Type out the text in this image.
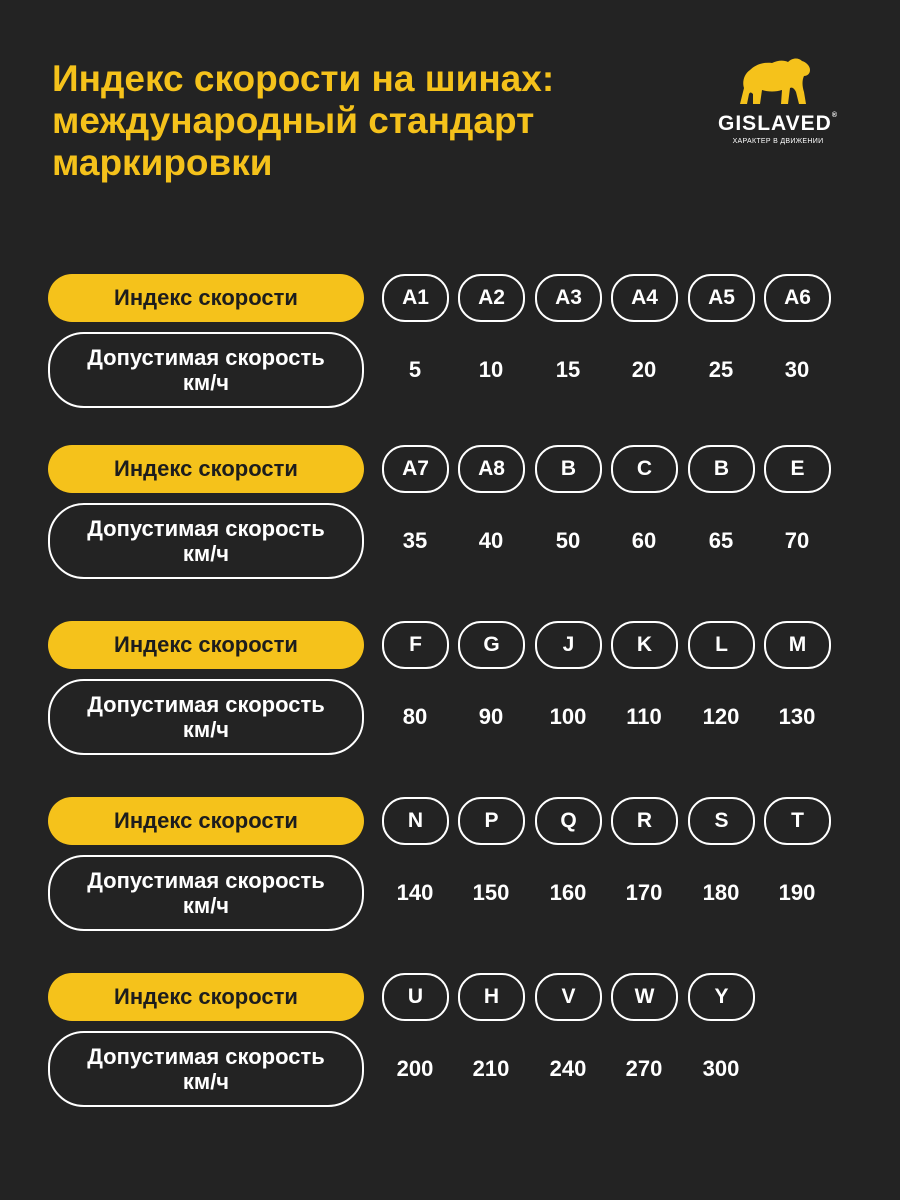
Индекс скорости на шинах:
международный стандарт
маркировки
GISLAVED®
ХАРАКТЕР В ДВИЖЕНИИ
Индекс скорости
Допустимая скорость
км/ч
A1	A2	A3	A4	A5	A6
5	10	15	20	25	30
Индекс скорости
Допустимая скорость
км/ч
A7	A8	B	C	B	E
35	40	50	60	65	70
Индекс скорости
Допустимая скорость
км/ч
F	G	J	K	L	M
80	90	100	110	120	130
Индекс скорости
Допустимая скорость
км/ч
N	P	Q	R	S	T
140	150	160	170	180	190
Индекс скорости
Допустимая скорость
км/ч
U	H	V	W	Y
200	210	240	270	300
